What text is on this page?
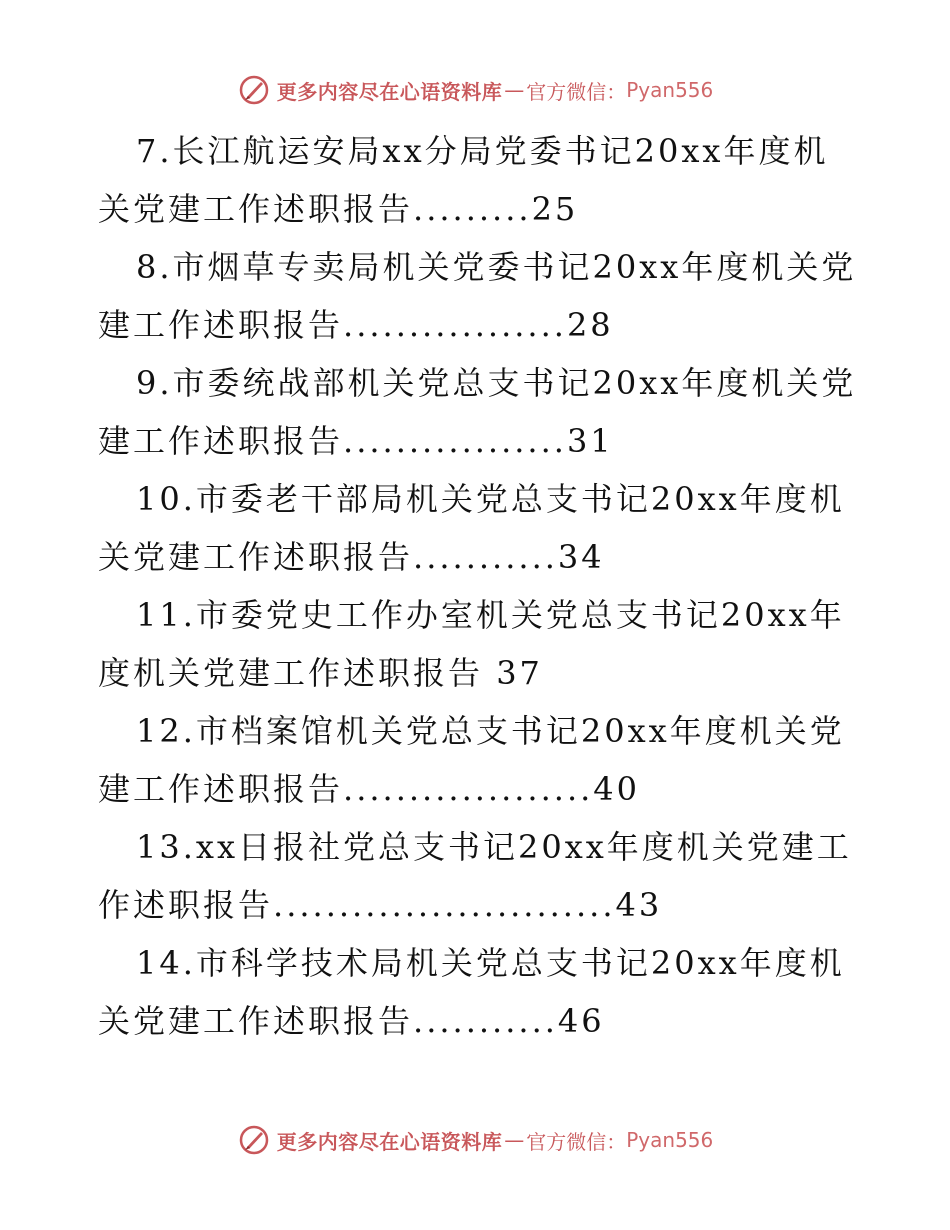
更多内容尽在心语资料库 — 官方微信： Pyan556

7.长江航运安局xx分局党委书记20xx年度机关党建工作述职报告.........25

8.市烟草专卖局机关党委书记20xx年度机关党建工作述职报告.................28

9.市委统战部机关党总支书记20xx年度机关党建工作述职报告.................31

10.市委老干部局机关党总支书记20xx年度机关党建工作述职报告...........34

11.市委党史工作办室机关党总支书记20xx年度机关党建工作述职报告 37

12.市档案馆机关党总支书记20xx年度机关党建工作述职报告...................40

13.xx日报社党总支书记20xx年度机关党建工作述职报告..........................43

14.市科学技术局机关党总支书记20xx年度机关党建工作述职报告...........46

更多内容尽在心语资料库 — 官方微信： Pyan556
